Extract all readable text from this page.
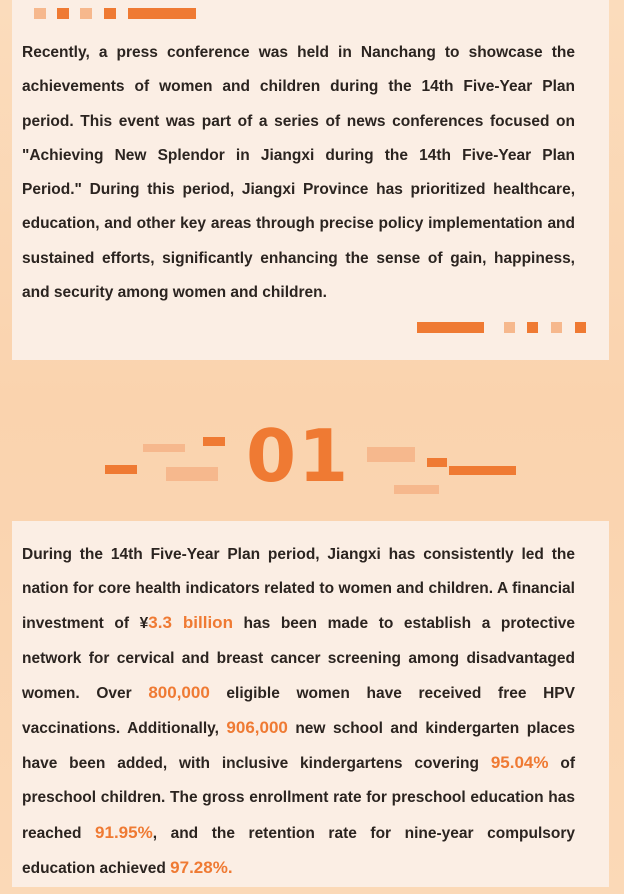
Recently, a press conference was held in Nanchang to showcase the achievements of women and children during the 14th Five-Year Plan period. This event was part of a series of news conferences focused on "Achieving New Splendor in Jiangxi during the 14th Five-Year Plan Period." During this period, Jiangxi Province has prioritized healthcare, education, and other key areas through precise policy implementation and sustained efforts, significantly enhancing the sense of gain, happiness, and security among women and children.

01

During the 14th Five-Year Plan period, Jiangxi has consistently led the nation for core health indicators related to women and children. A financial investment of ¥3.3 billion has been made to establish a protective network for cervical and breast cancer screening among disadvantaged women. Over 800,000 eligible women have received free HPV vaccinations. Additionally, 906,000 new school and kindergarten places have been added, with inclusive kindergartens covering 95.04% of preschool children. The gross enrollment rate for preschool education has reached 91.95%, and the retention rate for nine-year compulsory education achieved 97.28%.
